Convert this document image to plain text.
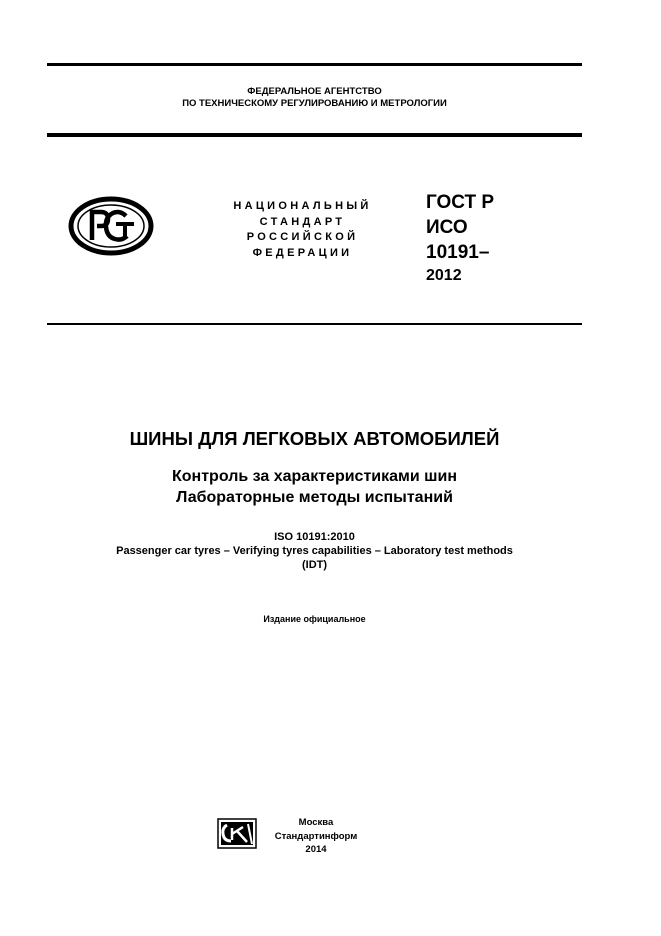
ФЕДЕРАЛЬНОЕ АГЕНТСТВО
ПО ТЕХНИЧЕСКОМУ РЕГУЛИРОВАНИЮ И МЕТРОЛОГИИ
НАЦИОНАЛЬНЫЙ
СТАНДАРТ
РОССИЙСКОЙ
ФЕДЕРАЦИИ
ГОСТ Р
ИСО
10191–
2012
ШИНЫ ДЛЯ ЛЕГКОВЫХ АВТОМОБИЛЕЙ
Контроль за характеристиками шин
Лабораторные методы испытаний
ISO 10191:2010
Passenger car tyres – Verifying tyres capabilities – Laboratory test methods
(IDT)
Издание официальное
Москва
Стандартинформ
2014
